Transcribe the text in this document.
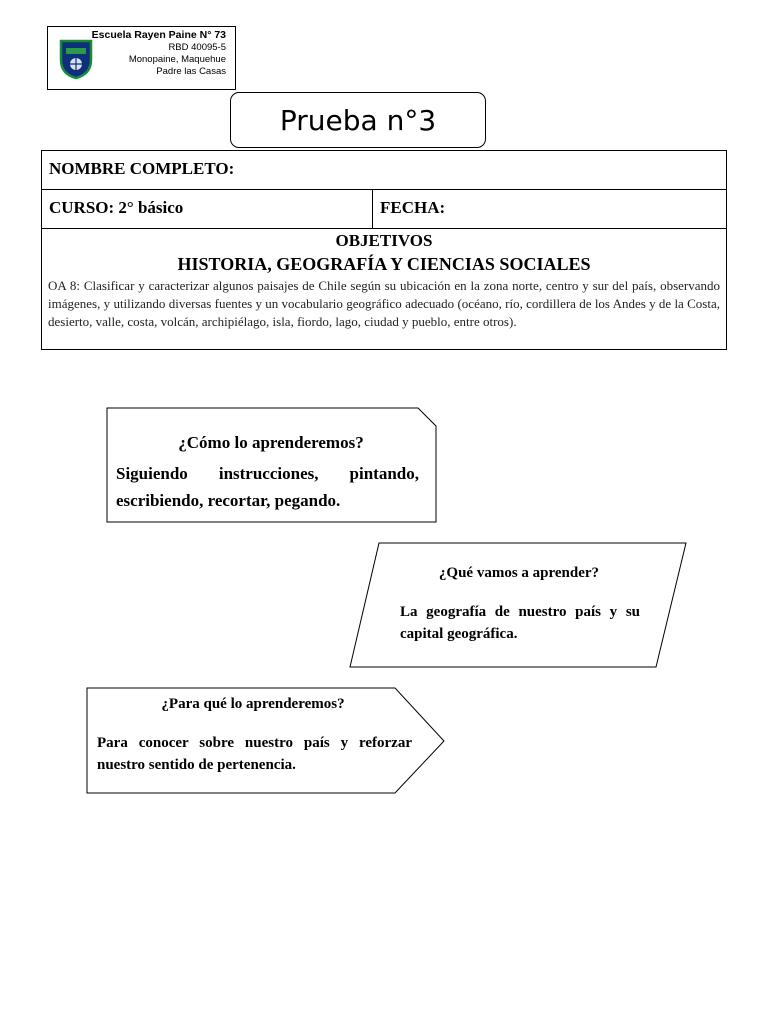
Escuela Rayen Paine N° 73
RBD 40095-5
Monopaine, Maquehue
Padre las Casas
Prueba n°3
NOMBRE COMPLETO:
CURSO: 2° básico	FECHA:
OBJETIVOS
HISTORIA, GEOGRAFÍA Y CIENCIAS SOCIALES
OA 8: Clasificar y caracterizar algunos paisajes de Chile según su ubicación en la zona norte, centro y sur del país, observando imágenes, y utilizando diversas fuentes y un vocabulario geográfico adecuado (océano, río, cordillera de los Andes y de la Costa, desierto, valle, costa, volcán, archipiélago, isla, fiordo, lago, ciudad y pueblo, entre otros).
¿Cómo lo aprenderemos?
Siguiendo instrucciones, pintando, escribiendo, recortar, pegando.
¿Qué vamos a aprender?
La geografía de nuestro país y su capital geográfica.
¿Para qué lo aprenderemos?
Para conocer sobre nuestro país y reforzar nuestro sentido de pertenencia.
